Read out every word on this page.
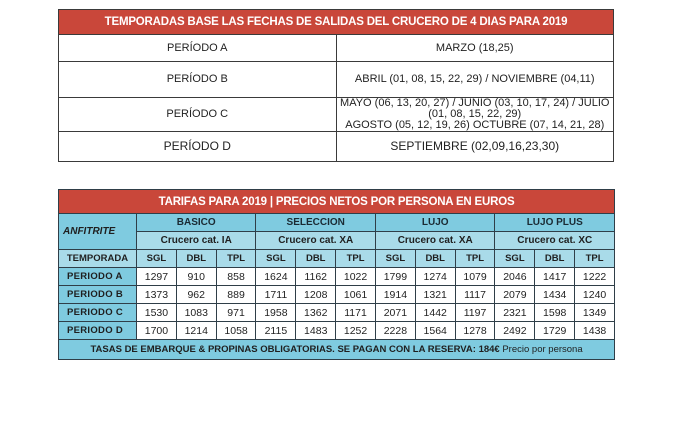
TEMPORADAS BASE LAS FECHAS DE SALIDAS DEL CRUCERO DE 4 DIAS PARA 2019	
PERÍODO A	MARZO (18,25)
PERÍODO B	ABRIL (01, 08, 15, 22, 29) / NOVIEMBRE (04,11)
PERÍODO C	MAYO (06, 13, 20, 27) / JUNIO (03, 10, 17, 24) / JULIO (01, 08, 15, 22, 29)
AGOSTO (05, 12, 19, 26) OCTUBRE (07, 14, 21, 28)

PERÍODO D	SEPTIEMBRE (02,09,16,23,30)
TARIFAS PARA 2019 | PRECIOS NETOS POR PERSONA EN EUROS												
ANFITRITE	BASICO			SELECCION			LUJO			LUJO PLUS		
	Crucero cat. IA			Crucero cat. XA			Crucero cat. XA			Crucero cat. XC		
TEMPORADA	SGL	DBL	TPL	SGL	DBL	TPL	SGL	DBL	TPL	SGL	DBL	TPL
PERIODO A	1297	910	858	1624	1162	1022	1799	1274	1079	2046	1417	1222
PERIODO B	1373	962	889	1711	1208	1061	1914	1321	1117	2079	1434	1240
PERIODO C	1530	1083	971	1958	1362	1171	2071	1442	1197	2321	1598	1349
PERIODO D	1700	1214	1058	2115	1483	1252	2228	1564	1278	2492	1729	1438
TASAS DE EMBARQUE & PROPINAS OBLIGATORIAS. SE PAGAN CON LA RESERVA: 184€ Precio por persona												
